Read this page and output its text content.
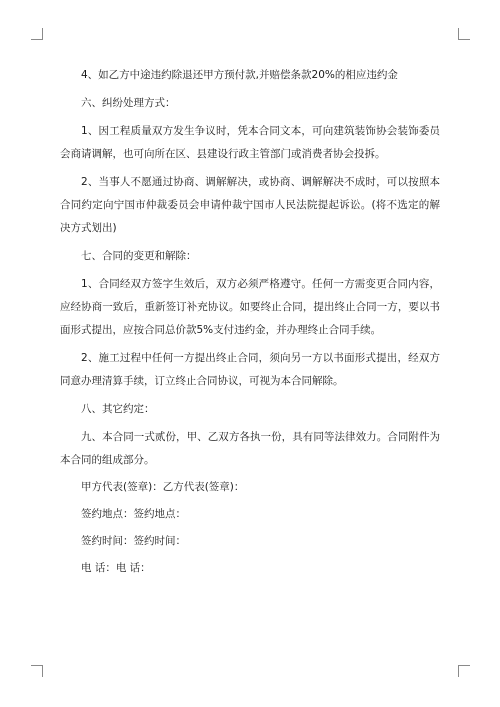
4、如乙方中途违约除退还甲方预付款,并赔偿条款20%的相应违约金

六、纠纷处理方式：

1、因工程质量双方发生争议时，凭本合同文本，可向建筑装饰协会装饰委员会商请调解，也可向所在区、县建设行政主管部门或消费者协会投拆。

2、当事人不愿通过协商、调解解决，或协商、调解解决不成时，可以按照本合同约定向宁国市仲裁委员会申请仲裁宁国市人民法院提起诉讼。(将不选定的解决方式划出)

七、合同的变更和解除：

1、合同经双方签字生效后，双方必须严格遵守。任何一方需变更合同内容，应经协商一致后，重新签订补充协议。如要终止合同，提出终止合同一方，要以书面形式提出，应按合同总价款5%支付违约金，并办理终止合同手续。

2、施工过程中任何一方提出终止合同，须向另一方以书面形式提出，经双方同意办理清算手续，订立终止合同协议，可视为本合同解除。

八、其它约定：

九、本合同一式贰份，甲、乙双方各执一份，具有同等法律效力。合同附件为本合同的组成部分。

甲方代表(签章)：乙方代表(签章)：

签约地点：签约地点：

签约时间：签约时间：

电 话：电 话：
